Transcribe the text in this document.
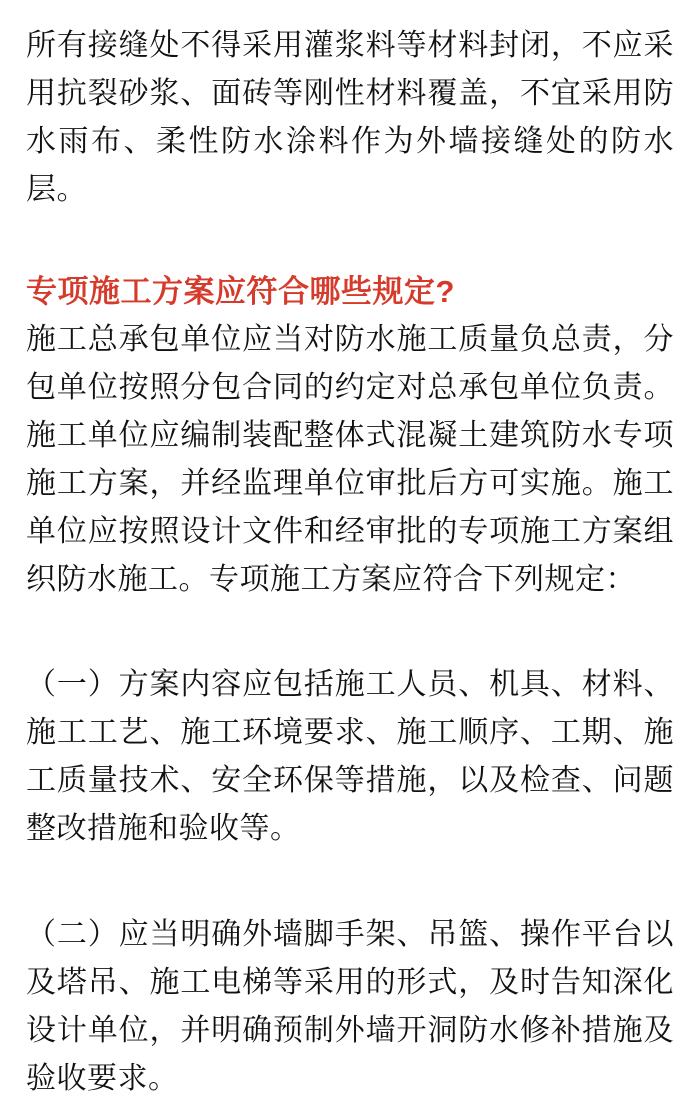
所有接缝处不得采用灌浆料等材料封闭，不应采用抗裂砂浆、面砖等刚性材料覆盖，不宜采用防水雨布、柔性防水涂料作为外墙接缝处的防水层。

专项施工方案应符合哪些规定?

施工总承包单位应当对防水施工质量负总责，分包单位按照分包合同的约定对总承包单位负责。施工单位应编制装配整体式混凝土建筑防水专项施工方案，并经监理单位审批后方可实施。施工单位应按照设计文件和经审批的专项施工方案组织防水施工。专项施工方案应符合下列规定：

（一）方案内容应包括施工人员、机具、材料、施工工艺、施工环境要求、施工顺序、工期、施工质量技术、安全环保等措施，以及检查、问题整改措施和验收等。

（二）应当明确外墙脚手架、吊篮、操作平台以及塔吊、施工电梯等采用的形式，及时告知深化设计单位，并明确预制外墙开洞防水修补措施及验收要求。
